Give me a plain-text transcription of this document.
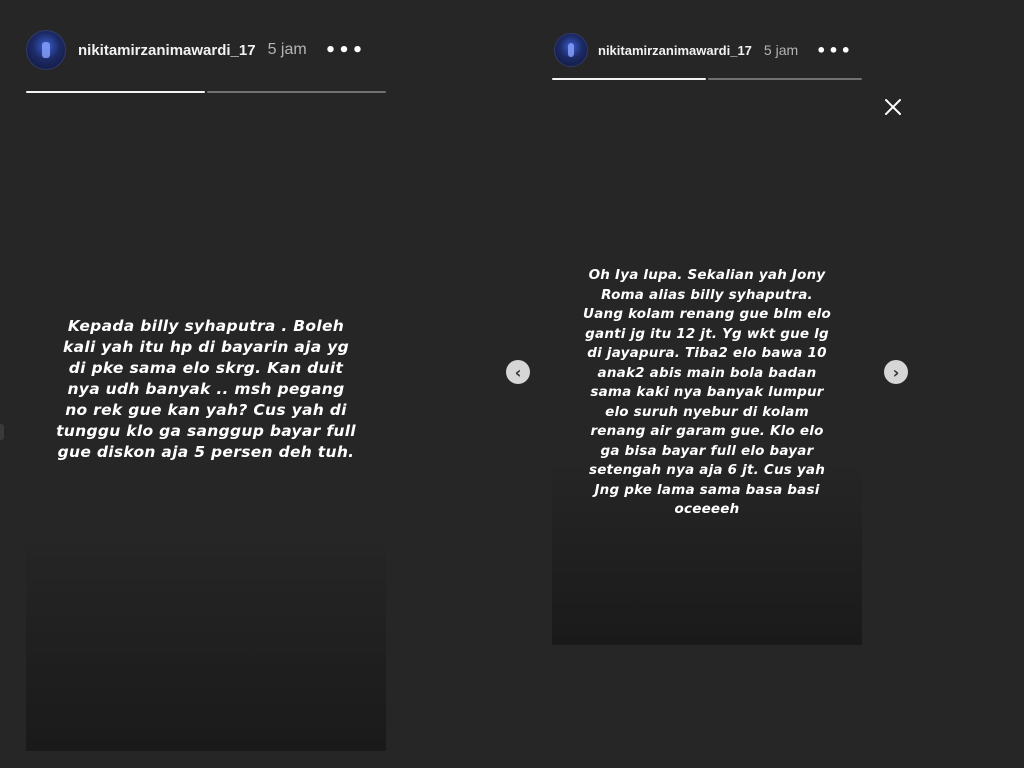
nikitamirzanimawardi_17 5 jam •••
Kepada billy syhaputra . Boleh
kali yah itu hp di bayarin aja yg
di pke sama elo skrg. Kan duit
nya udh banyak .. msh pegang
no rek gue kan yah? Cus yah di
tunggu klo ga sanggup bayar full
gue diskon aja 5 persen deh tuh.
nikitamirzanimawardi_17 5 jam •••
Oh Iya lupa. Sekalian yah Jony
Roma alias billy syhaputra.
Uang kolam renang gue blm elo
ganti jg itu 12 jt. Yg wkt gue lg
di jayapura. Tiba2 elo bawa 10
anak2 abis main bola badan
sama kaki nya banyak lumpur
elo suruh nyebur di kolam
renang air garam gue. Klo elo
ga bisa bayar full elo bayar
setengah nya aja 6 jt. Cus yah
Jng pke lama sama basa basi
oceeeeh
‹	›
